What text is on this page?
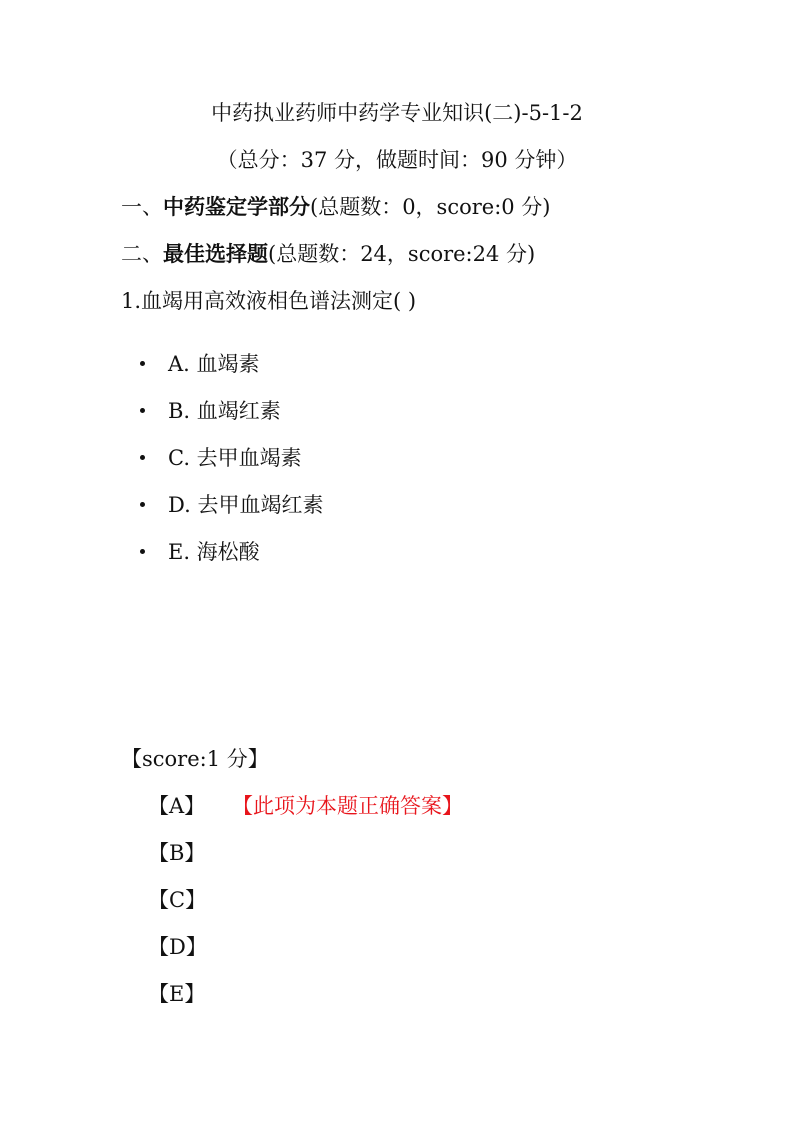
中药执业药师中药学专业知识(二)-5-1-2
（总分：37 分，做题时间：90 分钟）
一、中药鉴定学部分(总题数：0，score:0 分)
二、最佳选择题(总题数：24，score:24 分)
1.血竭用高效液相色谱法测定( )
A. 血竭素
B. 血竭红素
C. 去甲血竭素
D. 去甲血竭红素
E. 海松酸
【score:1 分】
【A】 【此项为本题正确答案】
【B】
【C】
【D】
【E】
